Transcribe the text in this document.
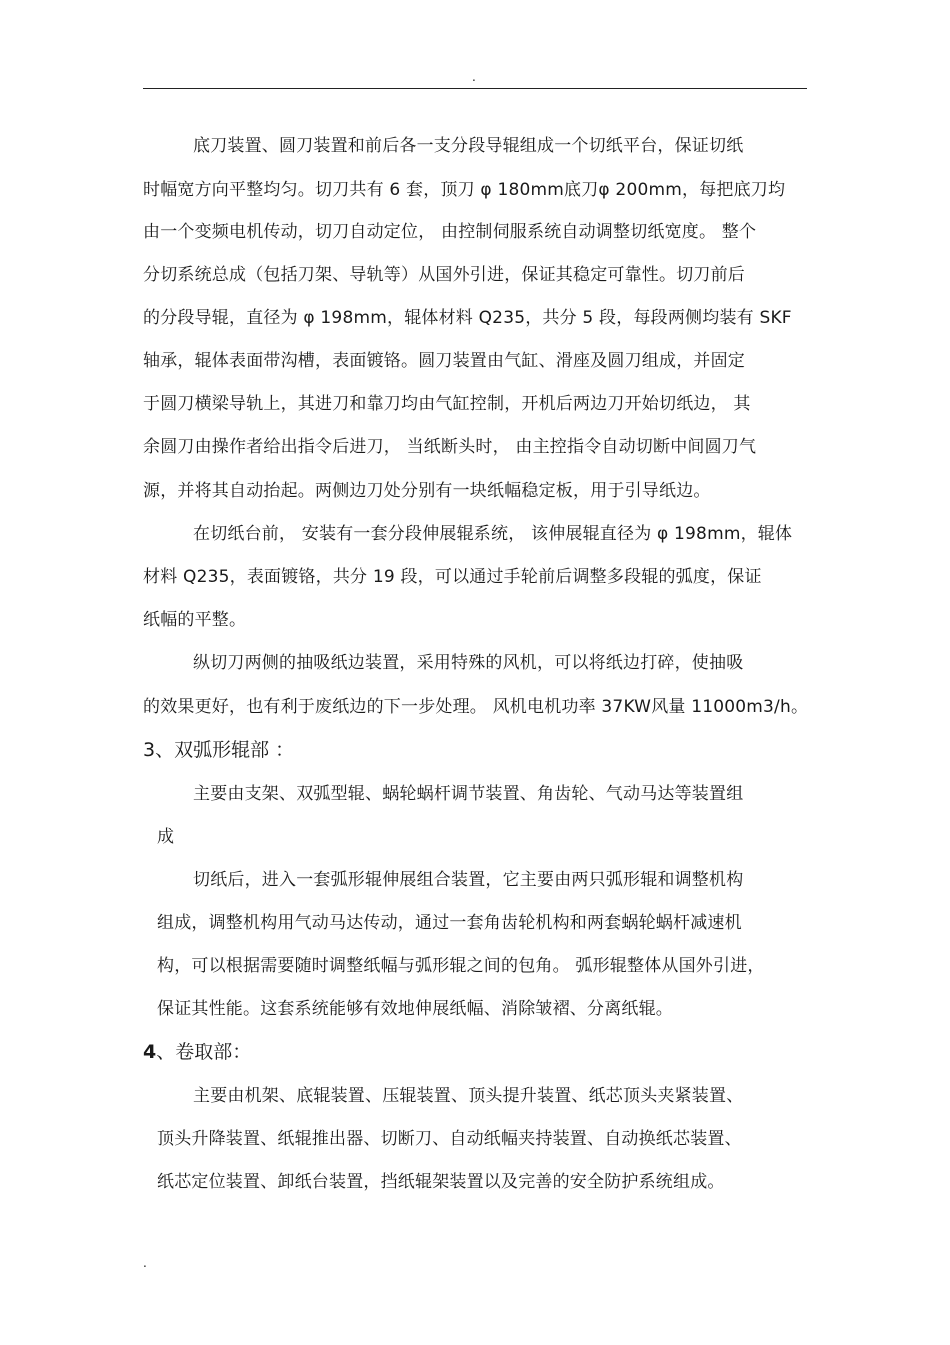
.
底刀装置、圆刀装置和前后各一支分段导辊组成一个切纸平台，保证切纸
时幅宽方向平整均匀。切刀共有 6 套，顶刀 φ 180mm底刀φ 200mm，每把底刀均
由一个变频电机传动，切刀自动定位， 由控制伺服系统自动调整切纸宽度。 整个
分切系统总成（包括刀架、导轨等）从国外引进，保证其稳定可靠性。切刀前后
的分段导辊，直径为 φ 198mm，辊体材料 Q235，共分 5 段，每段两侧均装有 SKF
轴承，辊体表面带沟槽，表面镀铬。圆刀装置由气缸、滑座及圆刀组成，并固定
于圆刀横梁导轨上，其进刀和靠刀均由气缸控制，开机后两边刀开始切纸边， 其
余圆刀由操作者给出指令后进刀， 当纸断头时， 由主控指令自动切断中间圆刀气
源，并将其自动抬起。两侧边刀处分别有一块纸幅稳定板，用于引导纸边。
在切纸台前， 安装有一套分段伸展辊系统， 该伸展辊直径为 φ 198mm，辊体
材料 Q235，表面镀铬，共分 19 段，可以通过手轮前后调整多段辊的弧度，保证
纸幅的平整。
纵切刀两侧的抽吸纸边装置，采用特殊的风机，可以将纸边打碎，使抽吸
的效果更好，也有利于废纸边的下一步处理。 风机电机功率 37KW风量 11000m3/h。
3、双弧形辊部 ：
主要由支架、双弧型辊、蜗轮蜗杆调节装置、角齿轮、气动马达等装置组
成
切纸后，进入一套弧形辊伸展组合装置，它主要由两只弧形辊和调整机构
组成，调整机构用气动马达传动，通过一套角齿轮机构和两套蜗轮蜗杆减速机
构，可以根据需要随时调整纸幅与弧形辊之间的包角。 弧形辊整体从国外引进，
保证其性能。这套系统能够有效地伸展纸幅、消除皱褶、分离纸辊。
4、卷取部：
主要由机架、底辊装置、压辊装置、顶头提升装置、纸芯顶头夹紧装置、
顶头升降装置、纸辊推出器、切断刀、自动纸幅夹持装置、自动换纸芯装置、
纸芯定位装置、卸纸台装置，挡纸辊架装置以及完善的安全防护系统组成。
.
